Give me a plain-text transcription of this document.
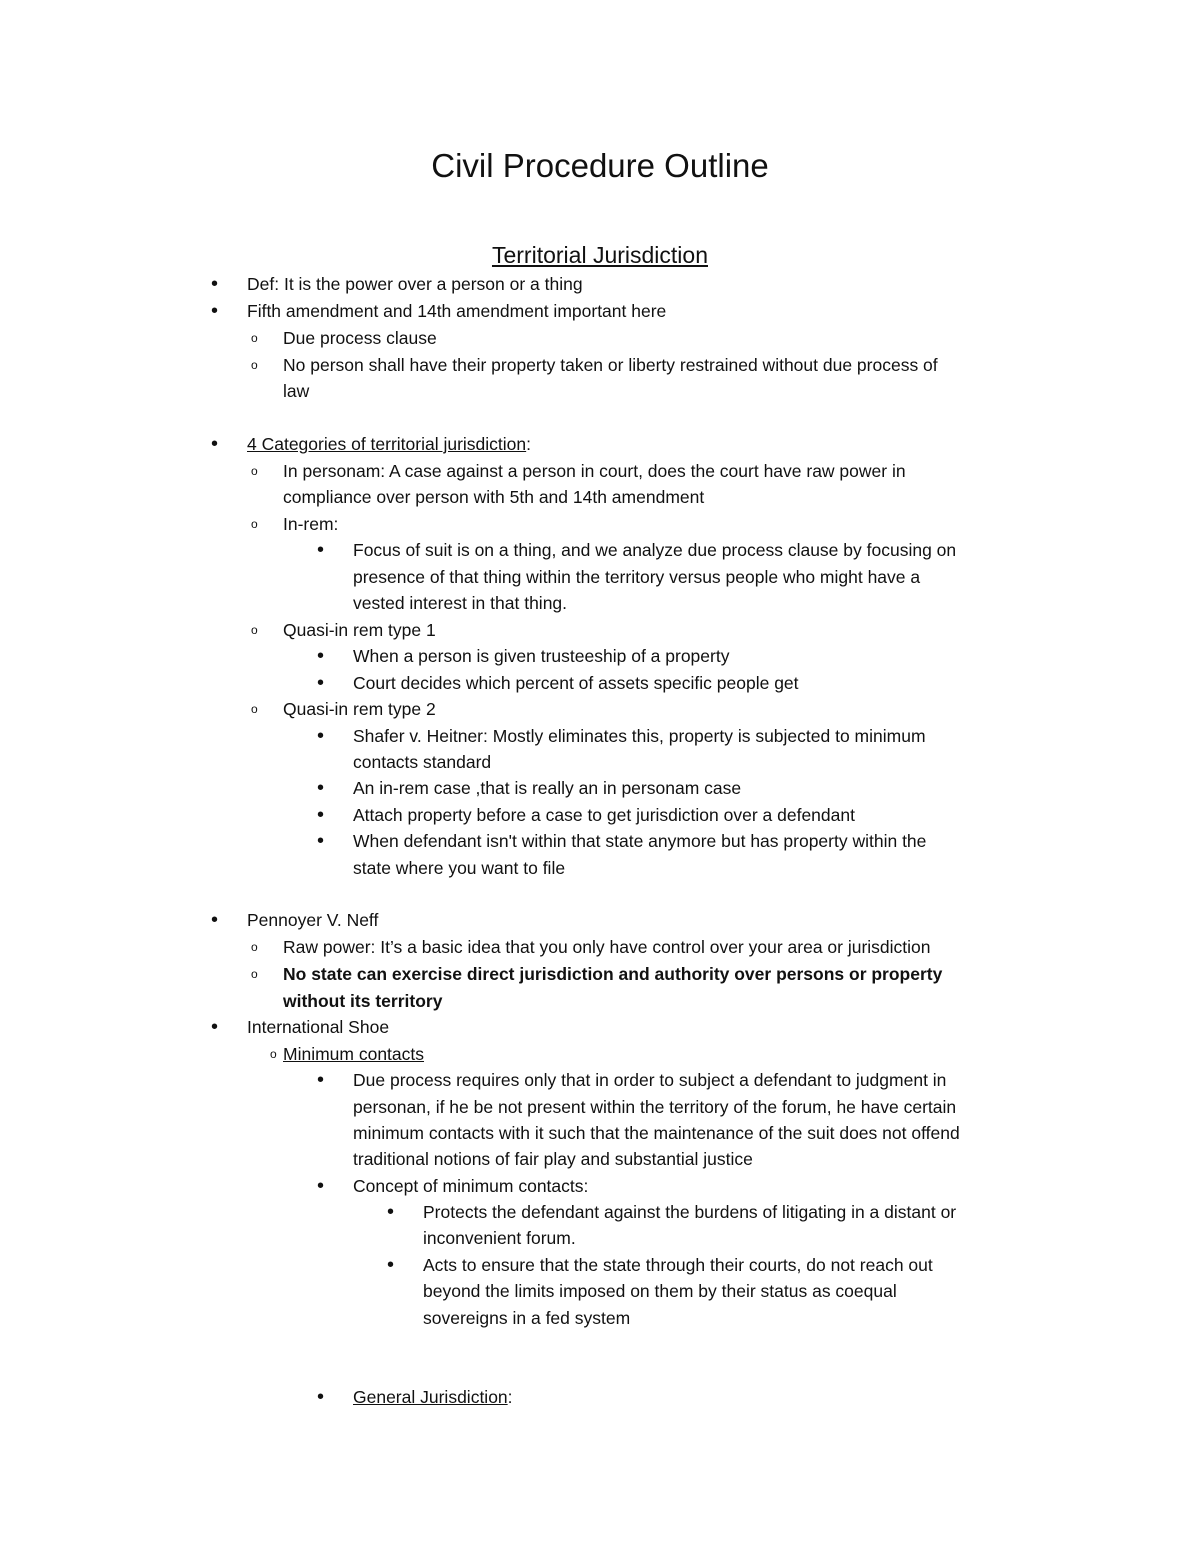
Civil Procedure Outline
Territorial Jurisdiction
• Def: It is the power over a person or a thing
• Fifth amendment and 14th amendment important here
o Due process clause
o No person shall have their property taken or liberty restrained without due process of
law
• 4 Categories of territorial jurisdiction:
o In personam: A case against a person in court, does the court have raw power in
compliance over person with 5th and 14th amendment
o In-rem:
• Focus of suit is on a thing, and we analyze due process clause by focusing on
presence of that thing within the territory versus people who might have a
vested interest in that thing.
o Quasi-in rem type 1
• When a person is given trusteeship of a property
• Court decides which percent of assets specific people get
o Quasi-in rem type 2
• Shafer v. Heitner: Mostly eliminates this, property is subjected to minimum
contacts standard
• An in-rem case ,that is really an in personam case
• Attach property before a case to get jurisdiction over a defendant
• When defendant isn't within that state anymore but has property within the
state where you want to file
• Pennoyer V. Neff
o Raw power: It’s a basic idea that you only have control over your area or jurisdiction
o No state can exercise direct jurisdiction and authority over persons or property
without its territory
• International Shoe
o Minimum contacts
• Due process requires only that in order to subject a defendant to judgment in
personan, if he be not present within the territory of the forum, he have certain
minimum contacts with it such that the maintenance of the suit does not offend
traditional notions of fair play and substantial justice
• Concept of minimum contacts:
• Protects the defendant against the burdens of litigating in a distant or
inconvenient forum.
• Acts to ensure that the state through their courts, do not reach out
beyond the limits imposed on them by their status as coequal
sovereigns in a fed system
• General Jurisdiction:
